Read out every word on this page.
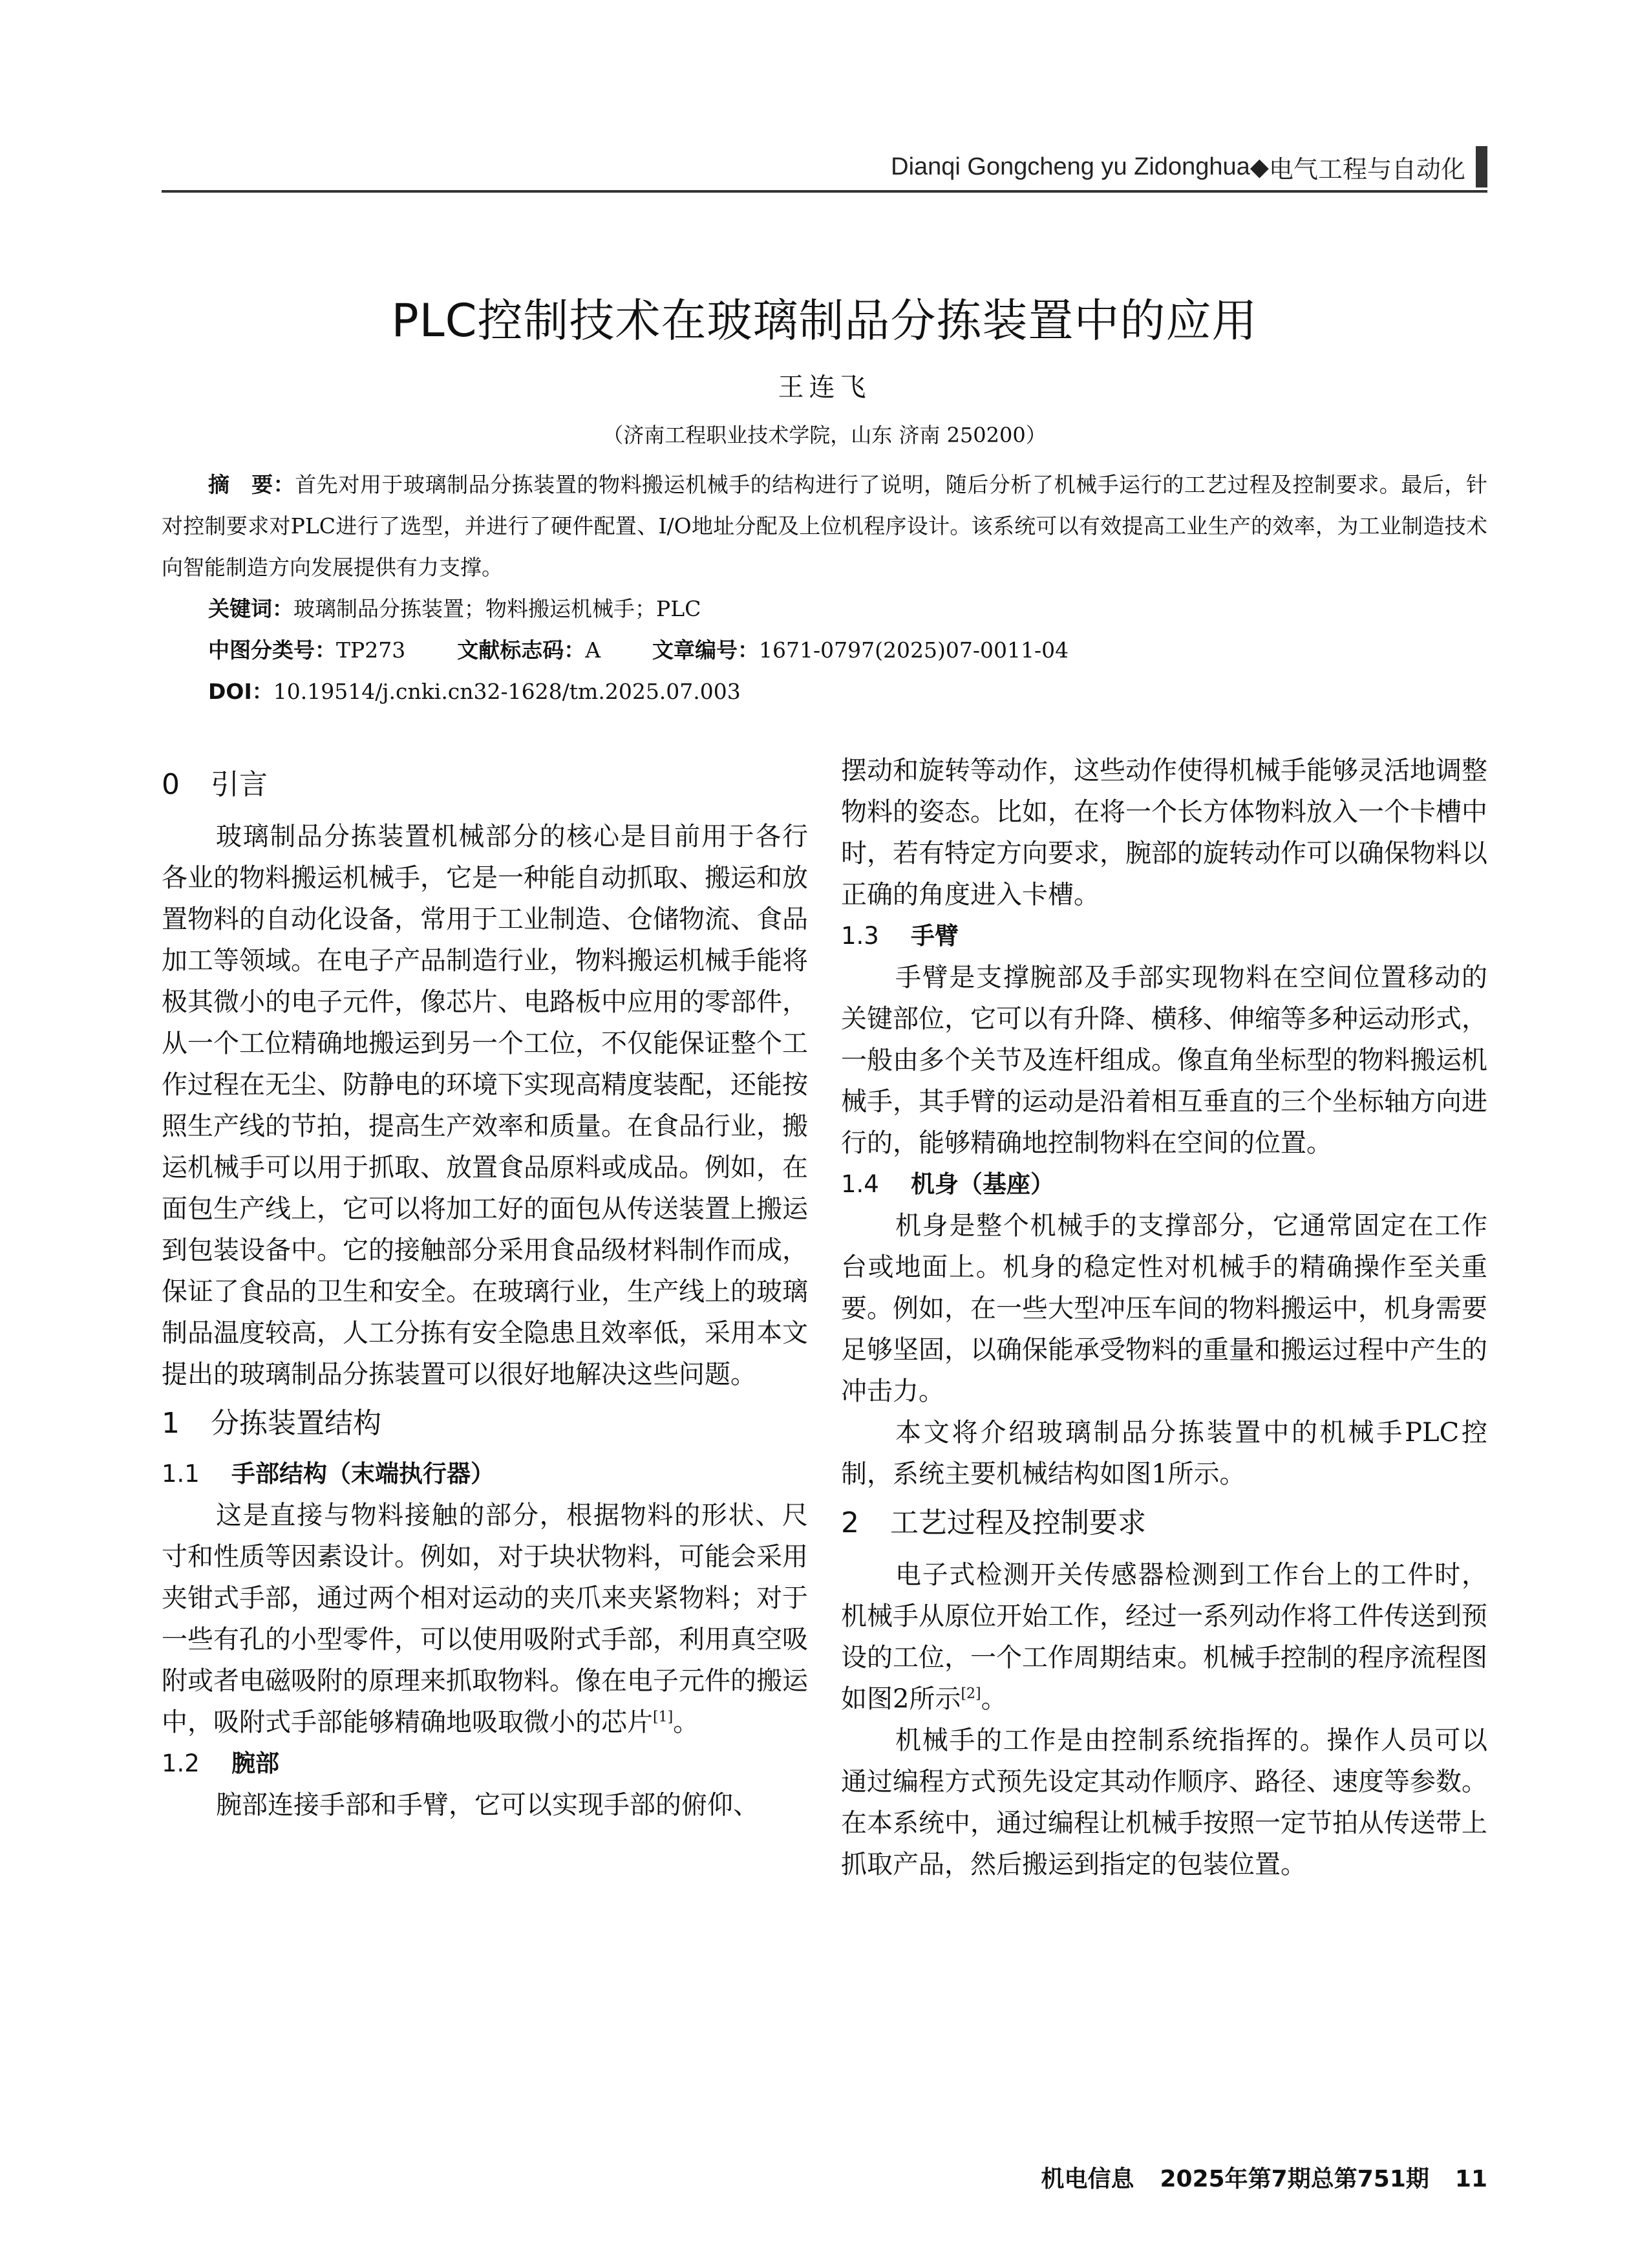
Dianqi Gongcheng yu Zidonghua ◆ 电气工程与自动化
PLC控制技术在玻璃制品分拣装置中的应用
王连飞
（济南工程职业技术学院，山东 济南 250200）

摘　要：首先对用于玻璃制品分拣装置的物料搬运机械手的结构进行了说明，随后分析了机械手运行的工艺过程及控制要求。最后，针对控制要求对PLC进行了选型，并进行了硬件配置、I/O地址分配及上位机程序设计。该系统可以有效提高工业生产的效率，为工业制造技术向智能制造方向发展提供有力支撑。

关键词：玻璃制品分拣装置；物料搬运机械手；PLC

中图分类号：TP273 文献标志码：A 文章编号：1671-0797(2025)07-0011-04

DOI：10.19514/j.cnki.cn32-1628/tm.2025.07.003

0 引言

玻璃制品分拣装置机械部分的核心是目前用于各行各业的物料搬运机械手，它是一种能自动抓取、搬运和放置物料的自动化设备，常用于工业制造、仓储物流、食品加工等领域。在电子产品制造行业，物料搬运机械手能将极其微小的电子元件，像芯片、电路板中应用的零部件，从一个工位精确地搬运到另一个工位，不仅能保证整个工作过程在无尘、防静电的环境下实现高精度装配，还能按照生产线的节拍，提高生产效率和质量。在食品行业，搬运机械手可以用于抓取、放置食品原料或成品。例如，在面包生产线上，它可以将加工好的面包从传送装置上搬运到包装设备中。它的接触部分采用食品级材料制作而成，保证了食品的卫生和安全。在玻璃行业，生产线上的玻璃制品温度较高，人工分拣有安全隐患且效率低，采用本文提出的玻璃制品分拣装置可以很好地解决这些问题。

1 分拣装置结构
1.1 手部结构（末端执行器）

这是直接与物料接触的部分，根据物料的形状、尺寸和性质等因素设计。例如，对于块状物料，可能会采用夹钳式手部，通过两个相对运动的夹爪来夹紧物料；对于一些有孔的小型零件，可以使用吸附式手部，利用真空吸附或者电磁吸附的原理来抓取物料。像在电子元件的搬运中，吸附式手部能够精确地吸取微小的芯片[1]。

1.2 腕部

腕部连接手部和手臂，它可以实现手部的俯仰、

摆动和旋转等动作，这些动作使得机械手能够灵活地调整物料的姿态。比如，在将一个长方体物料放入一个卡槽中时，若有特定方向要求，腕部的旋转动作可以确保物料以正确的角度进入卡槽。

1.3 手臂

手臂是支撑腕部及手部实现物料在空间位置移动的关键部位，它可以有升降、横移、伸缩等多种运动形式，一般由多个关节及连杆组成。像直角坐标型的物料搬运机械手，其手臂的运动是沿着相互垂直的三个坐标轴方向进行的，能够精确地控制物料在空间的位置。

1.4 机身（基座）

机身是整个机械手的支撑部分，它通常固定在工作台或地面上。机身的稳定性对机械手的精确操作至关重要。例如，在一些大型冲压车间的物料搬运中，机身需要足够坚固，以确保能承受物料的重量和搬运过程中产生的冲击力。

本文将介绍玻璃制品分拣装置中的机械手PLC控制，系统主要机械结构如图1所示。

2 工艺过程及控制要求

电子式检测开关传感器检测到工作台上的工件时，机械手从原位开始工作，经过一系列动作将工件传送到预设的工位，一个工作周期结束。机械手控制的程序流程图如图2所示[2]。

机械手的工作是由控制系统指挥的。操作人员可以通过编程方式预先设定其动作顺序、路径、速度等参数。在本系统中，通过编程让机械手按照一定节拍从传送带上抓取产品，然后搬运到指定的包装位置。

机电信息 2025年第7期总第751期 11
